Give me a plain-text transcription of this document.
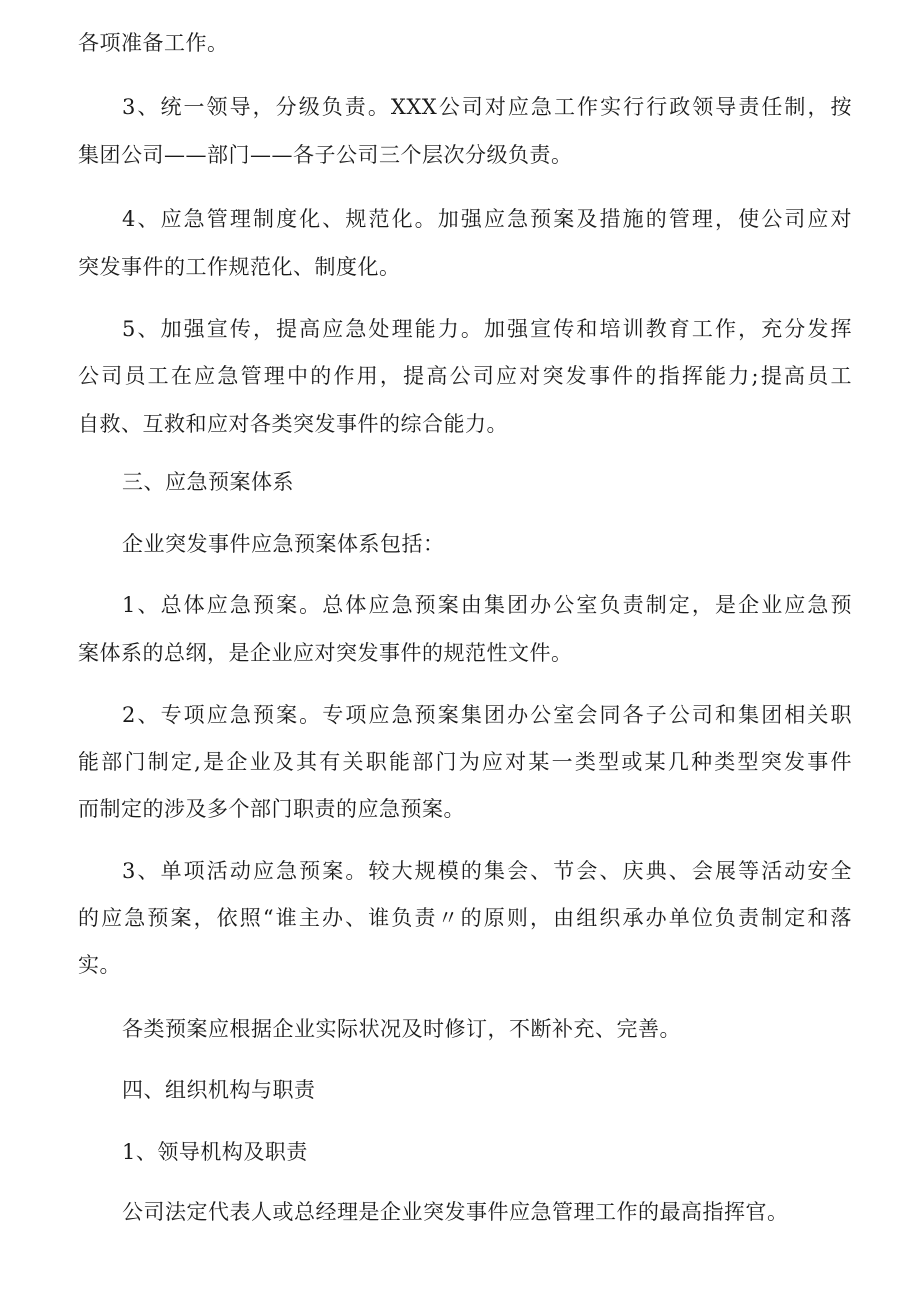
各项准备工作。

3、统一领导，分级负责。XXX公司对应急工作实行行政领导责任制，按

集团公司——部门——各子公司三个层次分级负责。

4、应急管理制度化、规范化。加强应急预案及措施的管理，使公司应对

突发事件的工作规范化、制度化。

5、加强宣传，提高应急处理能力。加强宣传和培训教育工作，充分发挥

公司员工在应急管理中的作用，提高公司应对突发事件的指挥能力;提高员工

自救、互救和应对各类突发事件的综合能力。

三、应急预案体系

企业突发事件应急预案体系包括：

1、总体应急预案。总体应急预案由集团办公室负责制定，是企业应急预

案体系的总纲，是企业应对突发事件的规范性文件。

2、专项应急预案。专项应急预案集团办公室会同各子公司和集团相关职

能部门制定,是企业及其有关职能部门为应对某一类型或某几种类型突发事件

而制定的涉及多个部门职责的应急预案。

3、单项活动应急预案。较大规模的集会、节会、庆典、会展等活动安全

的应急预案，依照“谁主办、谁负责〃的原则，由组织承办单位负责制定和落

实。

各类预案应根据企业实际状况及时修订，不断补充、完善。

四、组织机构与职责

1、领导机构及职责

公司法定代表人或总经理是企业突发事件应急管理工作的最高指挥官。
